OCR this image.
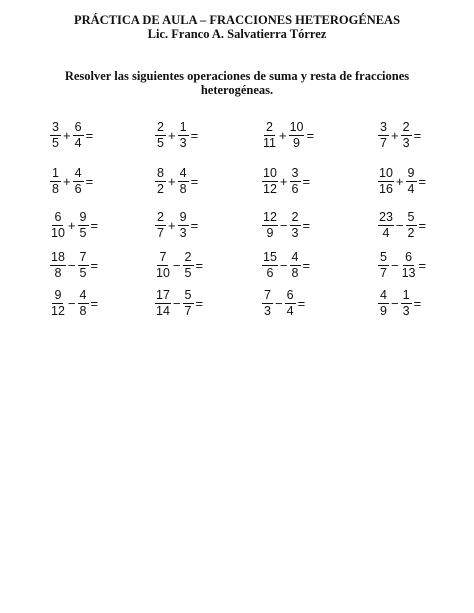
PRÁCTICA DE AULA – FRACCIONES HETEROGÉNEAS
Lic. Franco A. Salvatierra Tórrez
Resolver las siguientes operaciones de suma y resta de fracciones
heterogéneas.
$\frac{3}{5} + \frac{6}{4}$ =	$\frac{2}{5} + \frac{1}{3}$ =	$\frac{2}{11} + \frac{10}{9}$ =	$\frac{3}{7} + \frac{2}{3}$ =
$\frac{1}{8} + \frac{4}{6}$ =	$\frac{8}{2} + \frac{4}{8}$ =	$\frac{10}{12} + \frac{3}{6}$ =	$\frac{10}{16} + \frac{9}{4}$ =
$\frac{6}{10} + \frac{9}{5}$ =	$\frac{2}{7} + \frac{9}{3}$ =	$\frac{12}{9} - \frac{2}{3}$ =	$\frac{23}{4} - \frac{5}{2}$ =
$\frac{18}{8} - \frac{7}{5}$ =	$\frac{7}{10} - \frac{2}{5}$ =	$\frac{15}{6} - \frac{4}{8}$ =	$\frac{5}{7} - \frac{6}{13}$ =
$\frac{9}{12} - \frac{4}{8}$ =	$\frac{17}{14} - \frac{5}{7}$ =	$\frac{7}{3} - \frac{6}{4}$ =	$\frac{4}{9} - \frac{1}{3}$ =
